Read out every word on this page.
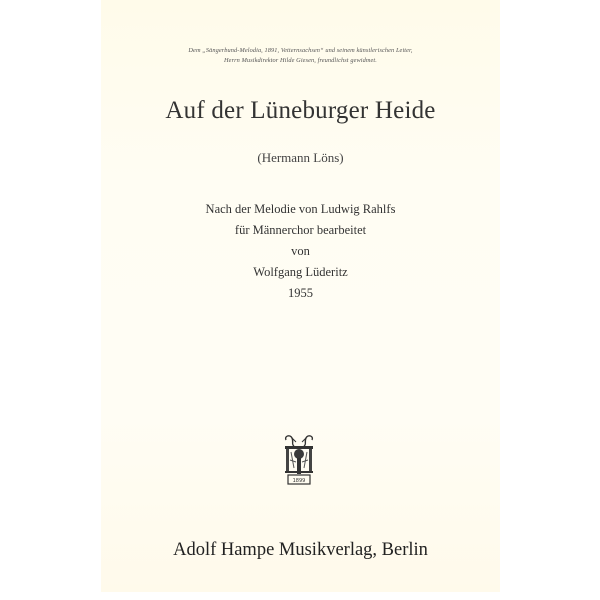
Dem „Sängerbund-Melodia, 1891, Vetternsachsen“ und seinem künstlerischen Leiter,
Herrn Musikdirektor Hilde Giesen, freundlichst gewidmet.
Auf der Lüneburger Heide
(Hermann Löns)
Nach der Melodie von Ludwig Rahlfs
für Männerchor bearbeitet
von
Wolfgang Lüderitz
1955
1899
Adolf Hampe Musikverlag, Berlin
